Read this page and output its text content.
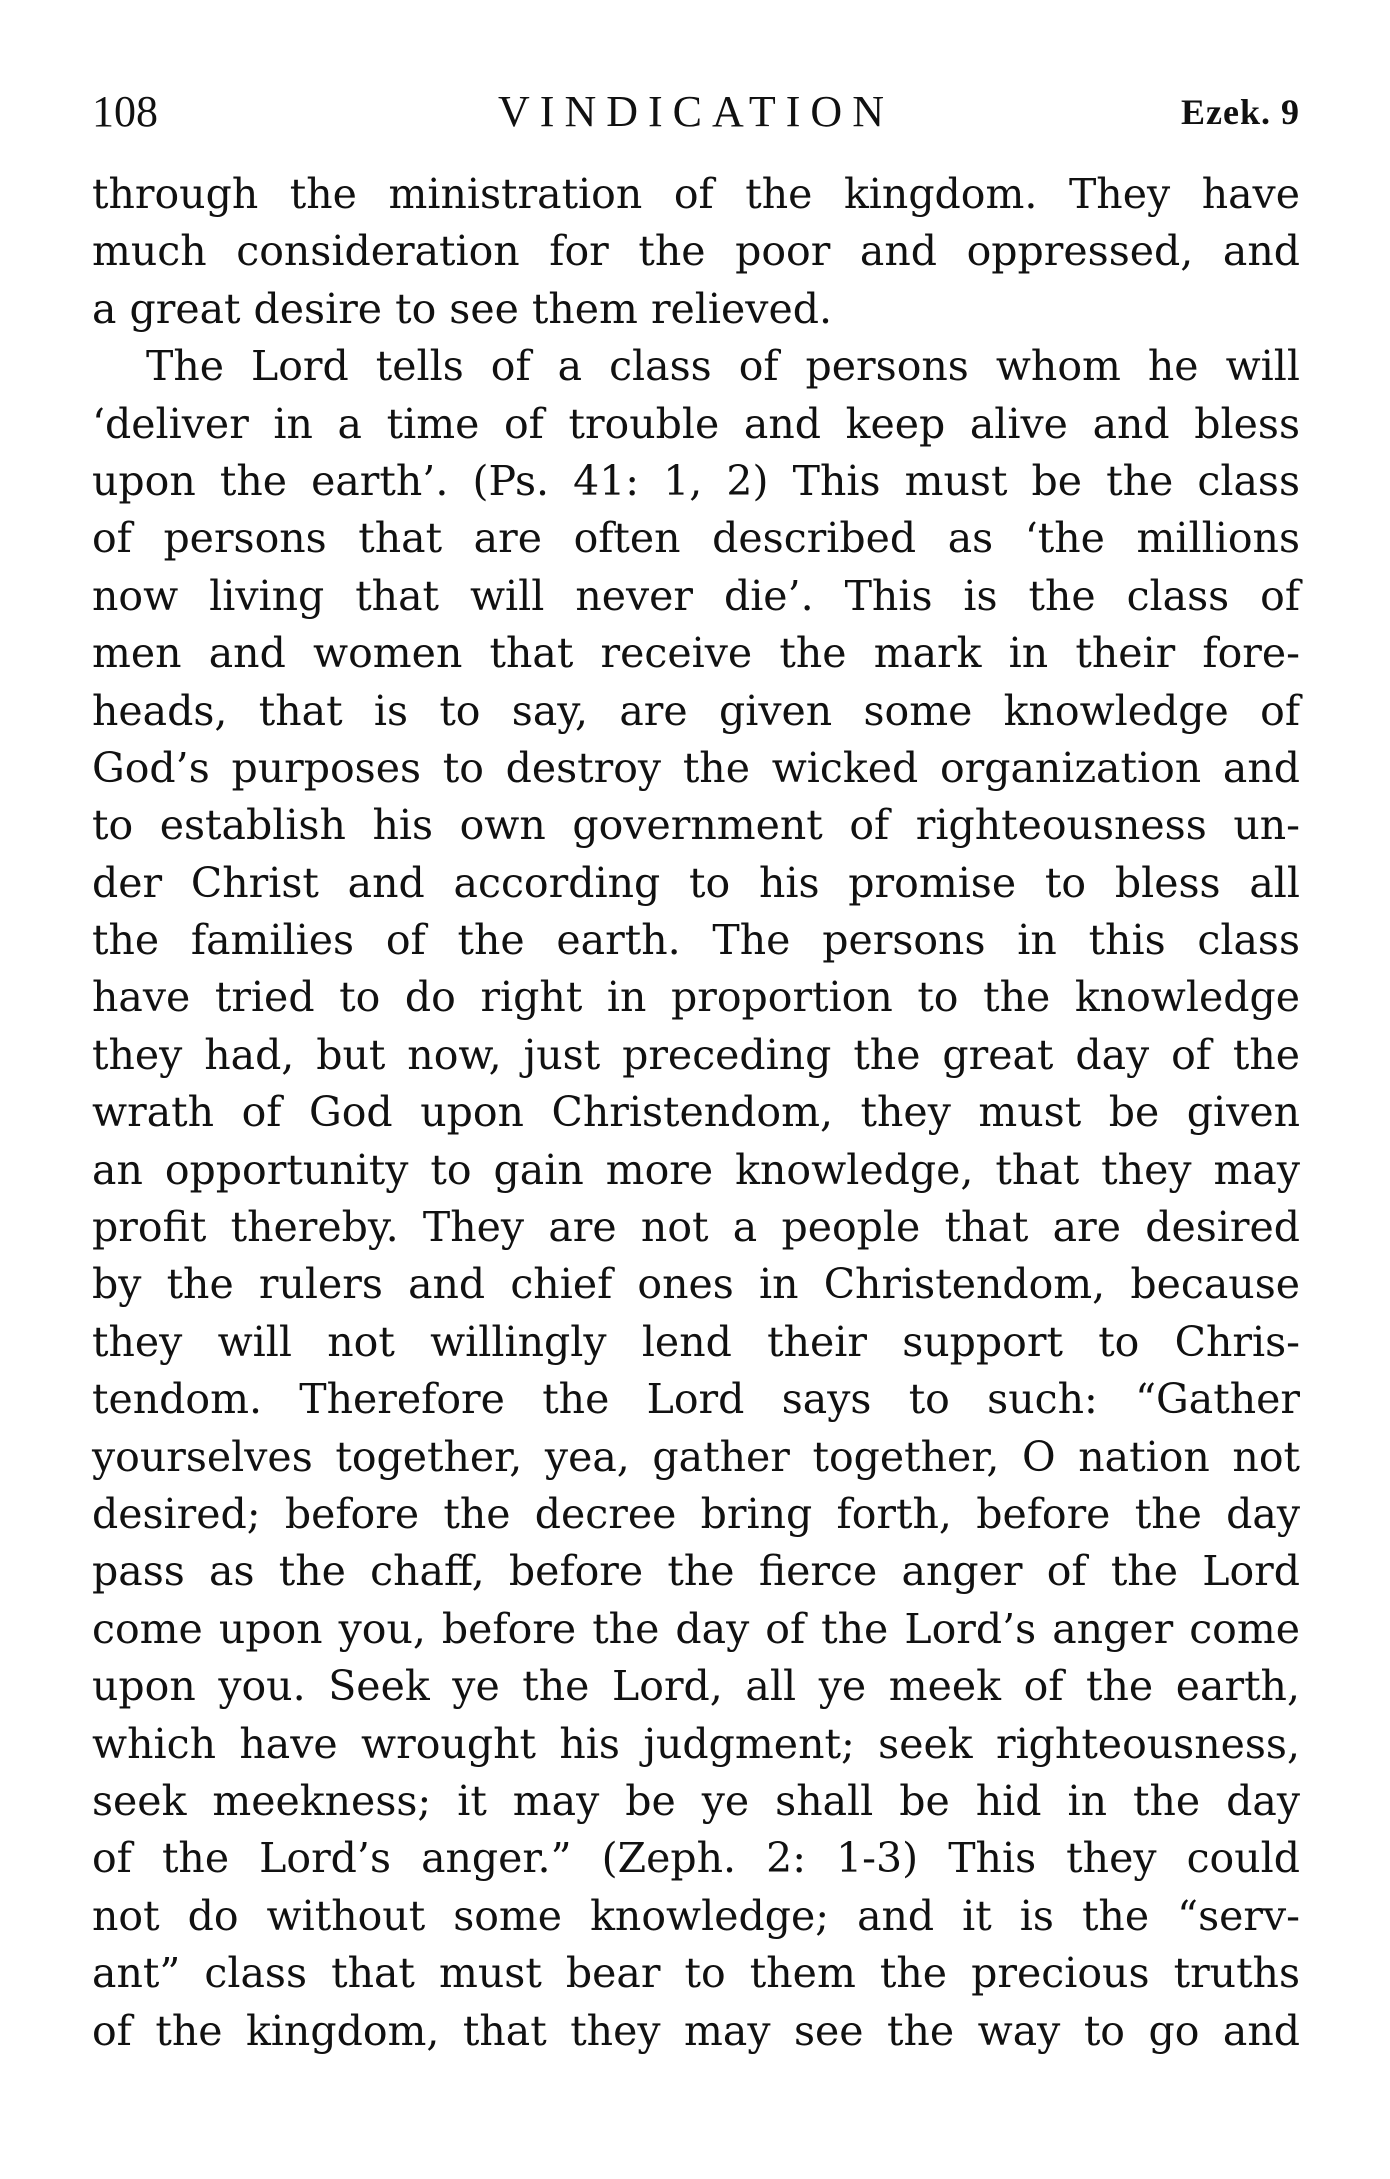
108	VINDICATION	Ezek. 9
through the ministration of the kingdom. They have
much consideration for the poor and oppressed, and
a great desire to see them relieved.
The Lord tells of a class of persons whom he will
‘deliver in a time of trouble and keep alive and bless
upon the earth’. (Ps. 41: 1, 2) This must be the class
of persons that are often described as ‘the millions
now living that will never die’. This is the class of
men and women that receive the mark in their fore-
heads, that is to say, are given some knowledge of
God’s purposes to destroy the wicked organization and
to establish his own government of righteousness un-
der Christ and according to his promise to bless all
the families of the earth. The persons in this class
have tried to do right in proportion to the knowledge
they had, but now, just preceding the great day of the
wrath of God upon Christendom, they must be given
an opportunity to gain more knowledge, that they may
profit thereby. They are not a people that are desired
by the rulers and chief ones in Christendom, because
they will not willingly lend their support to Chris-
tendom. Therefore the Lord says to such: “Gather
yourselves together, yea, gather together, O nation not
desired; before the decree bring forth, before the day
pass as the chaff, before the fierce anger of the Lord
come upon you, before the day of the Lord’s anger come
upon you. Seek ye the Lord, all ye meek of the earth,
which have wrought his judgment; seek righteousness,
seek meekness; it may be ye shall be hid in the day
of the Lord’s anger.” (Zeph. 2: 1-3) This they could
not do without some knowledge; and it is the “serv-
ant” class that must bear to them the precious truths
of the kingdom, that they may see the way to go and
